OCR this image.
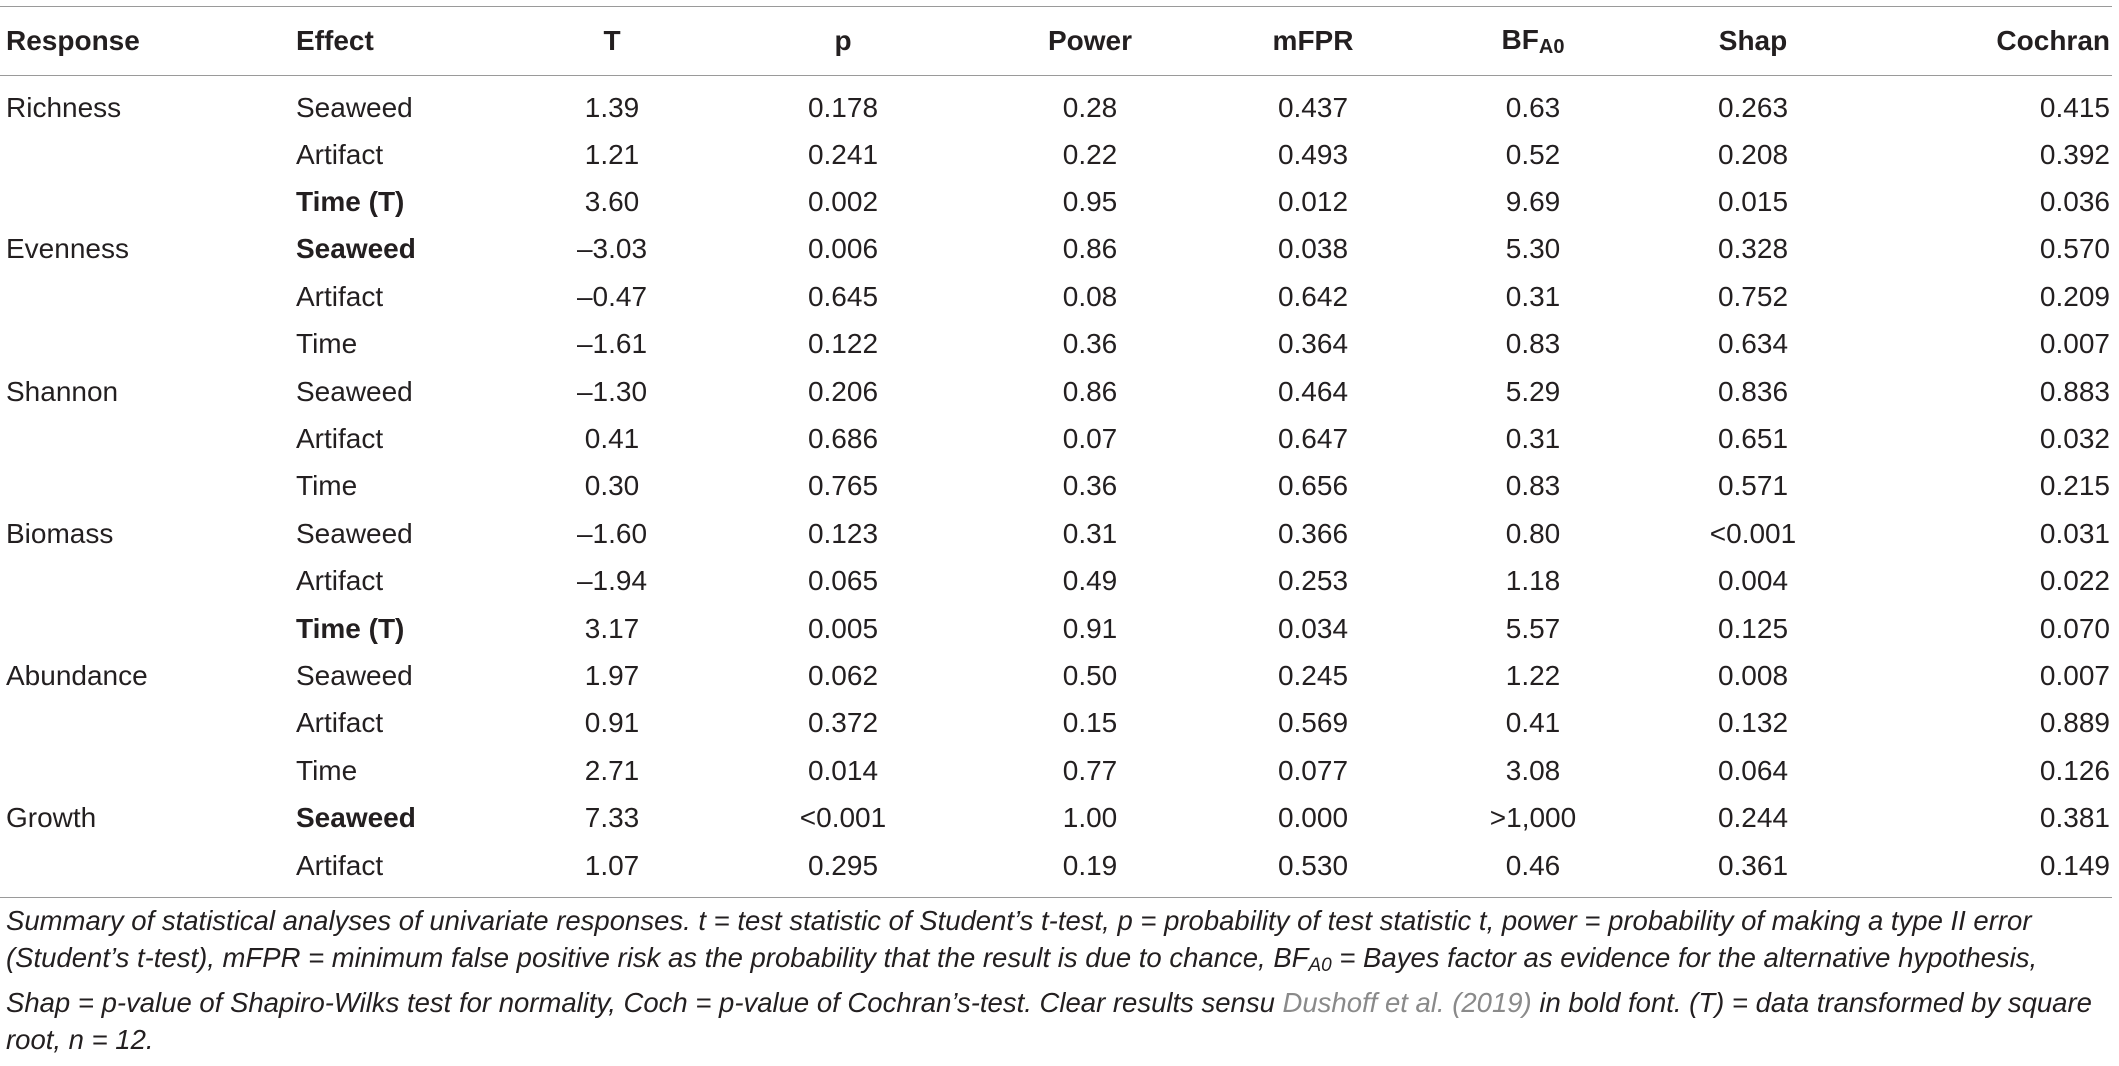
Response	Effect	T	p	Power	mFPR	$BF_{A0}$	Shap	Cochran
Richness	Seaweed	1.39	0.178	0.28	0.437	0.63	0.263	0.415
	Artifact	1.21	0.241	0.22	0.493	0.52	0.208	0.392
	Time (T)	3.60	0.002	0.95	0.012	9.69	0.015	0.036
Evenness	Seaweed	–3.03	0.006	0.86	0.038	5.30	0.328	0.570
	Artifact	–0.47	0.645	0.08	0.642	0.31	0.752	0.209
	Time	–1.61	0.122	0.36	0.364	0.83	0.634	0.007
Shannon	Seaweed	–1.30	0.206	0.86	0.464	5.29	0.836	0.883
	Artifact	0.41	0.686	0.07	0.647	0.31	0.651	0.032
	Time	0.30	0.765	0.36	0.656	0.83	0.571	0.215
Biomass	Seaweed	–1.60	0.123	0.31	0.366	0.80	<0.001	0.031
	Artifact	–1.94	0.065	0.49	0.253	1.18	0.004	0.022
	Time (T)	3.17	0.005	0.91	0.034	5.57	0.125	0.070
Abundance	Seaweed	1.97	0.062	0.50	0.245	1.22	0.008	0.007
	Artifact	0.91	0.372	0.15	0.569	0.41	0.132	0.889
	Time	2.71	0.014	0.77	0.077	3.08	0.064	0.126
Growth	Seaweed	7.33	<0.001	1.00	0.000	>1,000	0.244	0.381
	Artifact	1.07	0.295	0.19	0.530	0.46	0.361	0.149
Summary of statistical analyses of univariate responses. t = test statistic of Student’s t-test, p = probability of test statistic t, power = probability of making a type II error (Student’s t-test), mFPR = minimum false positive risk as the probability that the result is due to chance, $BF_{A0}$ = Bayes factor as evidence for the alternative hypothesis, Shap = p-value of Shapiro-Wilks test for normality, Coch = p-value of Cochran’s-test. Clear results sensu Dushoff et al. (2019) in bold font. (T) = data transformed by square root, n = 12.
